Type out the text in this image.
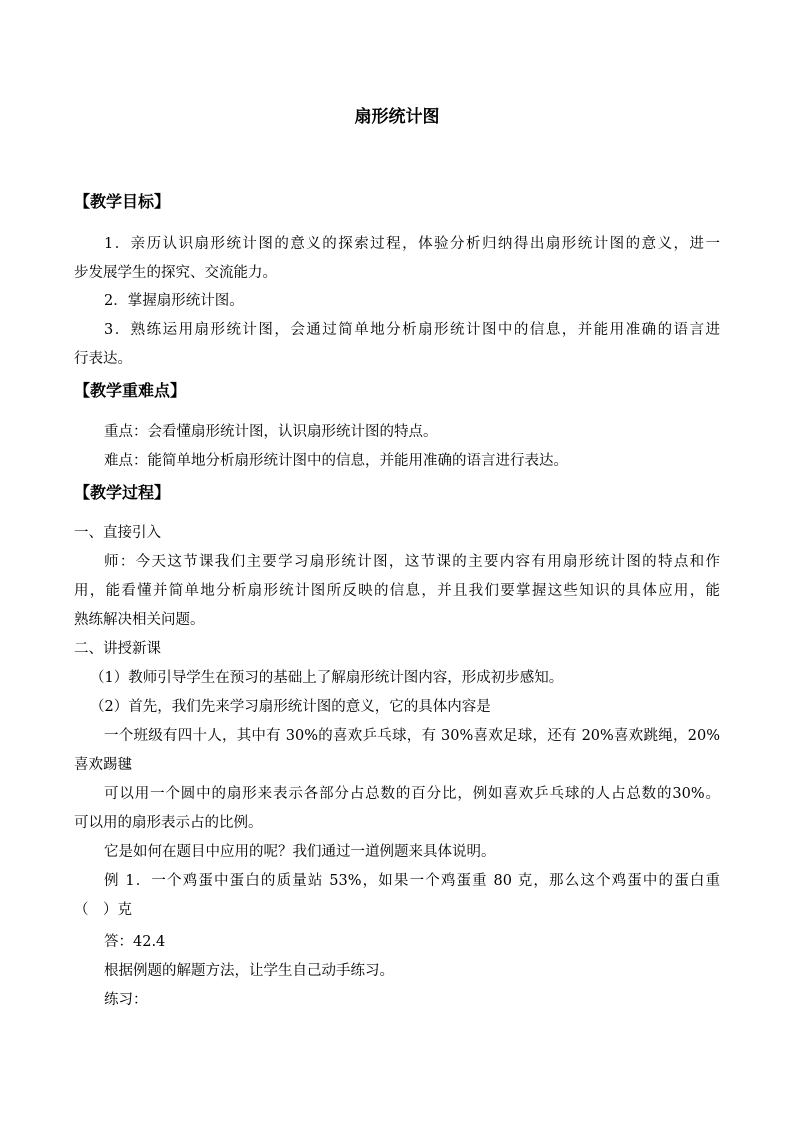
扇形统计图
【教学目标】
1．亲历认识扇形统计图的意义的探索过程，体验分析归纳得出扇形统计图的意义，进一
步发展学生的探究、交流能力。
2．掌握扇形统计图。
3．熟练运用扇形统计图，会通过简单地分析扇形统计图中的信息，并能用准确的语言进
行表达。
【教学重难点】
重点：会看懂扇形统计图，认识扇形统计图的特点。
难点：能简单地分析扇形统计图中的信息，并能用准确的语言进行表达。
【教学过程】
一、直接引入
师：今天这节课我们主要学习扇形统计图，这节课的主要内容有用扇形统计图的特点和作
用，能看懂并简单地分析扇形统计图所反映的信息，并且我们要掌握这些知识的具体应用，能
熟练解决相关问题。
二、讲授新课
（1）教师引导学生在预习的基础上了解扇形统计图内容，形成初步感知。
（2）首先，我们先来学习扇形统计图的意义，它的具体内容是
一个班级有四十人，其中有 30%的喜欢乒乓球，有 30%喜欢足球，还有 20%喜欢跳绳，20%
喜欢踢毽
可以用一个圆中的扇形来表示各部分占总数的百分比，例如喜欢乒乓球的人占总数的30%。
可以用的扇形表示占的比例。
它是如何在题目中应用的呢？我们通过一道例题来具体说明。
例 1．一个鸡蛋中蛋白的质量站 53%，如果一个鸡蛋重 80 克，那么这个鸡蛋中的蛋白重
（　）克
答：42.4
根据例题的解题方法，让学生自己动手练习。
练习：
